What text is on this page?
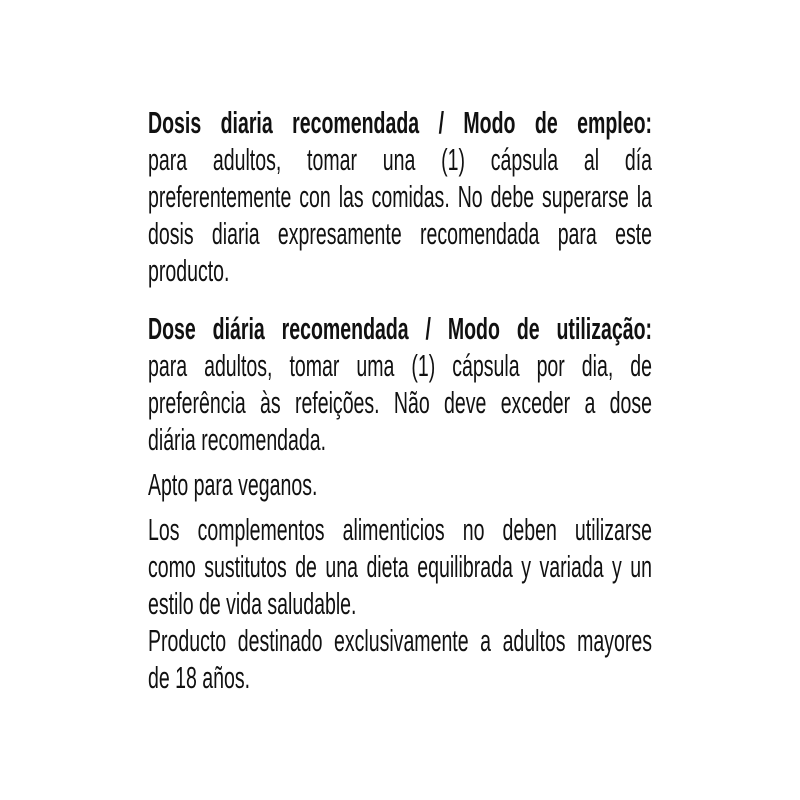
Dosis diaria recomendada / Modo de empleo:
para adultos, tomar una (1) cápsula al día
preferentemente con las comidas. No debe superarse la
dosis diaria expresamente recomendada para este
producto.
Dose diária recomendada / Modo de utilização:
para adultos, tomar uma (1) cápsula por dia, de
preferência às refeições. Não deve exceder a dose
diária recomendada.
Apto para veganos.
Los complementos alimenticios no deben utilizarse
como sustitutos de una dieta equilibrada y variada y un
estilo de vida saludable.
Producto destinado exclusivamente a adultos mayores
de 18 años.
